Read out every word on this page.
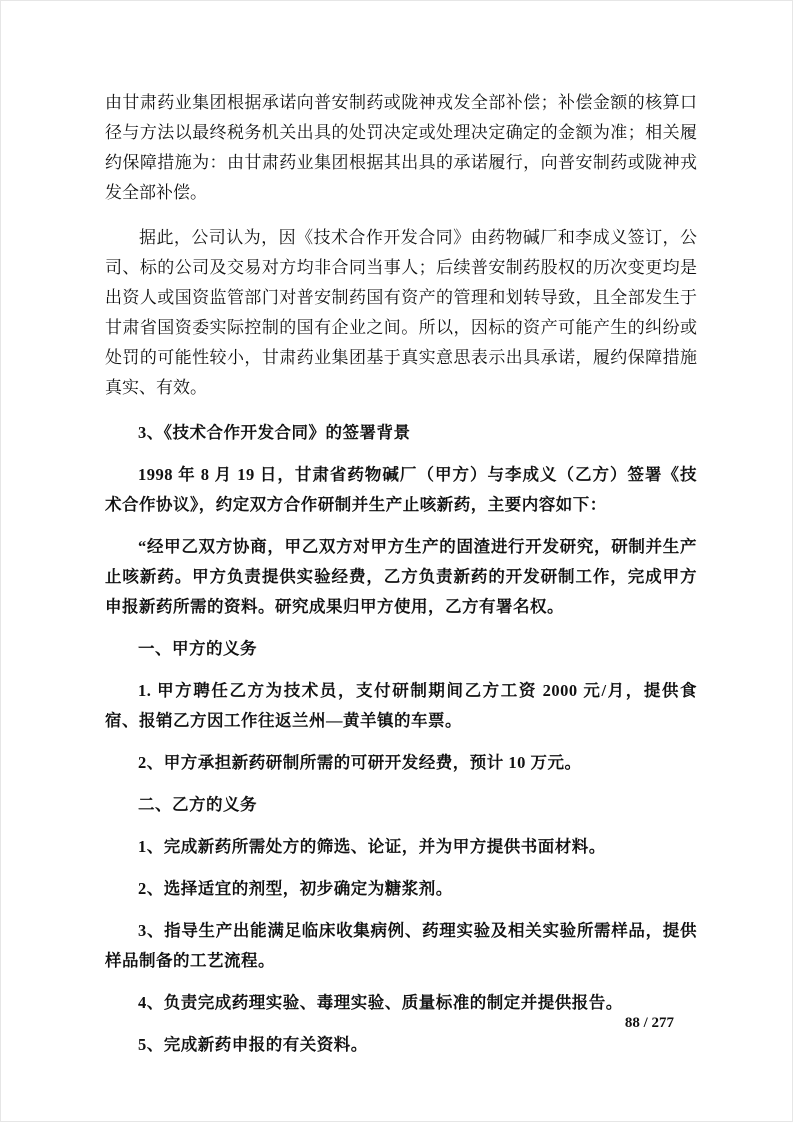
由甘肃药业集团根据承诺向普安制药或陇神戎发全部补偿；补偿金额的核算口径与方法以最终税务机关出具的处罚决定或处理决定确定的金额为准；相关履约保障措施为：由甘肃药业集团根据其出具的承诺履行，向普安制药或陇神戎发全部补偿。

据此，公司认为，因《技术合作开发合同》由药物碱厂和李成义签订，公司、标的公司及交易对方均非合同当事人；后续普安制药股权的历次变更均是出资人或国资监管部门对普安制药国有资产的管理和划转导致，且全部发生于甘肃省国资委实际控制的国有企业之间。所以，因标的资产可能产生的纠纷或处罚的可能性较小，甘肃药业集团基于真实意思表示出具承诺，履约保障措施真实、有效。

3、《技术合作开发合同》的签署背景

1998 年 8 月 19 日，甘肃省药物碱厂（甲方）与李成义（乙方）签署《技术合作协议》，约定双方合作研制并生产止咳新药，主要内容如下：

“经甲乙双方协商，甲乙双方对甲方生产的固渣进行开发研究，研制并生产止咳新药。甲方负责提供实验经费，乙方负责新药的开发研制工作，完成甲方申报新药所需的资料。研究成果归甲方使用，乙方有署名权。

一、甲方的义务

1. 甲方聘任乙方为技术员，支付研制期间乙方工资 2000 元/月，提供食宿、报销乙方因工作往返兰州—黄羊镇的车票。

2、甲方承担新药研制所需的可研开发经费，预计 10 万元。

二、乙方的义务

1、完成新药所需处方的筛选、论证，并为甲方提供书面材料。

2、选择适宜的剂型，初步确定为糖浆剂。

3、指导生产出能满足临床收集病例、药理实验及相关实验所需样品，提供样品制备的工艺流程。

4、负责完成药理实验、毒理实验、质量标准的制定并提供报告。

5、完成新药申报的有关资料。

88 / 277
